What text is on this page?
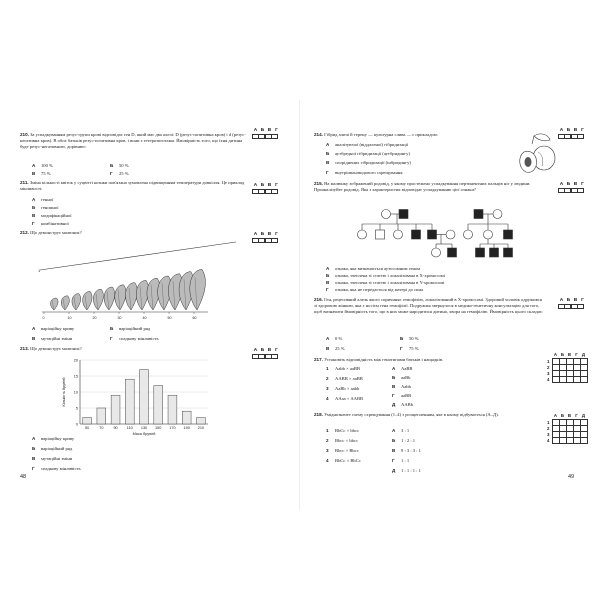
210. За успадкуванням резус-групи крові відповідає ген D, який має два алелі: D (резус-позитивна кров) і d (резус-негативна кров). В обох батьків резус-позитивна кров, і вони є гетерозиготами. Ймовірність того, що їхня дитина буде резус-негативною, дорівнює:
А 100 %	Б 50 %
В 75 %	Г 25 %
А Б В Г
211. Зміна кількості квіток у суцвітті кознки пов'язана зумовлена підвищенням температури довкілля. Це приклад мінливості:
А генної
Б геномної
В модифікаційної
Г комбінативної
А Б В Г
212. Що демонструє малюнок?	А Б В Г
1
0	10	20	30	40	50	60
А варіаційну криву	Б варіаційний ряд
В мутаційні зміни	Г спадкову мінливість
213. Що демонструє малюнок?	А Б В Г
0
5
10
15
20
50	70	90 110 130 150 170 190 210
Маса бруней
Кількість бруней
А варіаційну криву
Б варіаційний ряд
В мутаційні зміни
Г спадкову мінливість
48
214. Гібрид аличі й терену — культурна слива — є прикладом:
А аналізуючої (віддаленої) гібридизації
Б аутбредної гібридизації (аутбридингу)
В споріднених гібридизації (інбридингу)
Г внутрішньовидового схрещування
А Б В Г
215. На малюнку зображений родовід, у якому простежено успадкування пертинентних пальців ніг у людини. Проаналізуйте родовід. Яка з характеристик відповідає успадкуванню цієї ознаки?
А Б В Г
А ознака, яка визначається аутосомним геном
Б ознака, зчеплена зі статтю і локалізована в Х-хромосомі
В ознака, зчеплена зі статтю і локалізована в Y-хромосомі
Г ознака, яка не передається від матері до сина
216. Ген, рецесивний алель якого спричиняє гемофілію, локалізований в Х-хромосомі. Здоровий чоловік одружився зі здоровою жінкою, яка є носієм гена гемофілії. Подружжя звернулося в медико-генетичну консультацію для того, щоб визначити ймовірність того, що в них може народитися дитина, хвора на гемофілію. Ймовірність цього складає:
А Б В Г
А 0 %	Б 50 %
В 25 %	Г 75 %
217. Установіть відповідність між генотипами батьків і нащадків.
1 Aаbb × aaBB
2 AABB × aaBB
3 AaBb × aabb
4 AAaa × AABB
А AaBB
Б aaBb
В Aabb
Г aaBB
Д AABb
	А	Б	В	Г	Д
1					
2					
3					
4					
218. Уміднозначте схему схрещування (1–4) з розщепленням, яке в ньому відбувається (А–Д).
1 BbCc × bbcc
2 Bbcc × bbcc
3 Bbcc × Bbcc
4 BbCc × BbCc
А 3 : 1
Б 1 : 2 : 1
В 9 : 3 : 3 : 1
Г 1 : 1
Д 1 : 1 : 1 : 1
	А	Б	В	Г	Д
1					
2					
3					
4					
49
